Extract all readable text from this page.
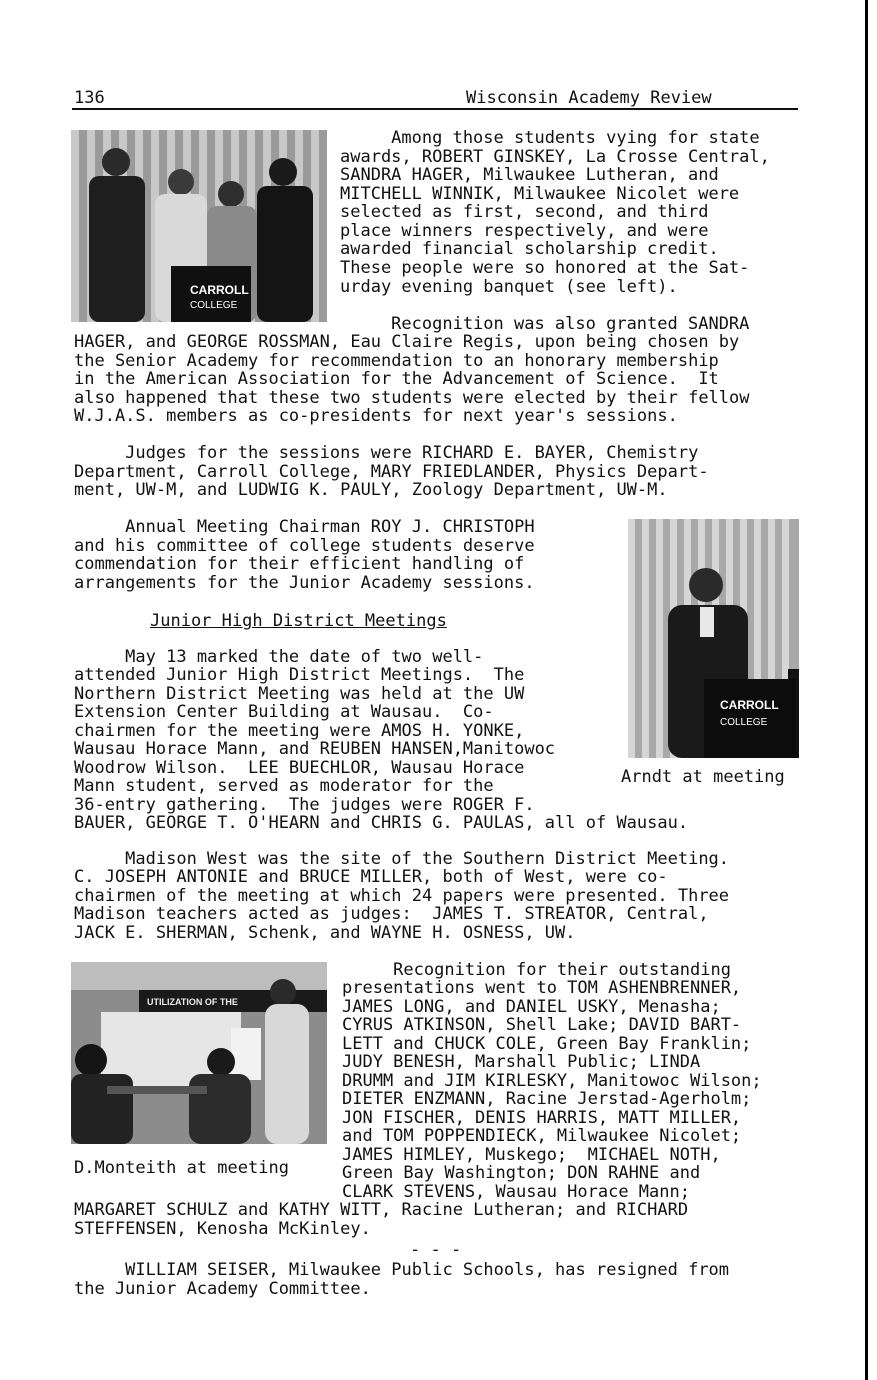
136	Wisconsin Academy Review
CARROLL
COLLEGE
Among those students vying for state
awards, ROBERT GINSKEY, La Crosse Central,
SANDRA HAGER, Milwaukee Lutheran, and
MITCHELL WINNIK, Milwaukee Nicolet were
selected as first, second, and third
place winners respectively, and were
awarded financial scholarship credit.
These people were so honored at the Sat-
urday evening banquet (see left).
Recognition was also granted SANDRA
HAGER, and GEORGE ROSSMAN, Eau Claire Regis, upon being chosen by
the Senior Academy for recommendation to an honorary membership
in the American Association for the Advancement of Science.  It
also happened that these two students were elected by their fellow
W.J.A.S. members as co-presidents for next year's sessions.
Judges for the sessions were RICHARD E. BAYER, Chemistry
Department, Carroll College, MARY FRIEDLANDER, Physics Depart-
ment, UW-M, and LUDWIG K. PAULY, Zoology Department, UW-M.
CARROLL
COLLEGE
Arndt at meeting
Annual Meeting Chairman ROY J. CHRISTOPH
and his committee of college students deserve
commendation for their efficient handling of
arrangements for the Junior Academy sessions.
Junior High District Meetings
May 13 marked the date of two well-
attended Junior High District Meetings.  The
Northern District Meeting was held at the UW
Extension Center Building at Wausau.  Co-
chairmen for the meeting were AMOS H. YONKE,
Wausau Horace Mann, and REUBEN HANSEN,Manitowoc
Woodrow Wilson.  LEE BUECHLOR, Wausau Horace
Mann student, served as moderator for the
36-entry gathering.  The judges were ROGER F.
BAUER, GEORGE T. O'HEARN and CHRIS G. PAULAS, all of Wausau.
Madison West was the site of the Southern District Meeting.
C. JOSEPH ANTONIE and BRUCE MILLER, both of West, were co-
chairmen of the meeting at which 24 papers were presented. Three
Madison teachers acted as judges:  JAMES T. STREATOR, Central,
JACK E. SHERMAN, Schenk, and WAYNE H. OSNESS, UW.
UTILIZATION OF THE
D.Monteith at meeting
Recognition for their outstanding
presentations went to TOM ASHENBRENNER,
JAMES LONG, and DANIEL USKY, Menasha;
CYRUS ATKINSON, Shell Lake; DAVID BART-
LETT and CHUCK COLE, Green Bay Franklin;
JUDY BENESH, Marshall Public; LINDA
DRUMM and JIM KIRLESKY, Manitowoc Wilson;
DIETER ENZMANN, Racine Jerstad-Agerholm;
JON FISCHER, DENIS HARRIS, MATT MILLER,
and TOM POPPENDIECK, Milwaukee Nicolet;
JAMES HIMLEY, Muskego;  MICHAEL NOTH,
Green Bay Washington; DON RAHNE and
CLARK STEVENS, Wausau Horace Mann;
MARGARET SCHULZ and KATHY WITT, Racine Lutheran; and RICHARD
STEFFENSEN, Kenosha McKinley.
- - -
WILLIAM SEISER, Milwaukee Public Schools, has resigned from
the Junior Academy Committee.
